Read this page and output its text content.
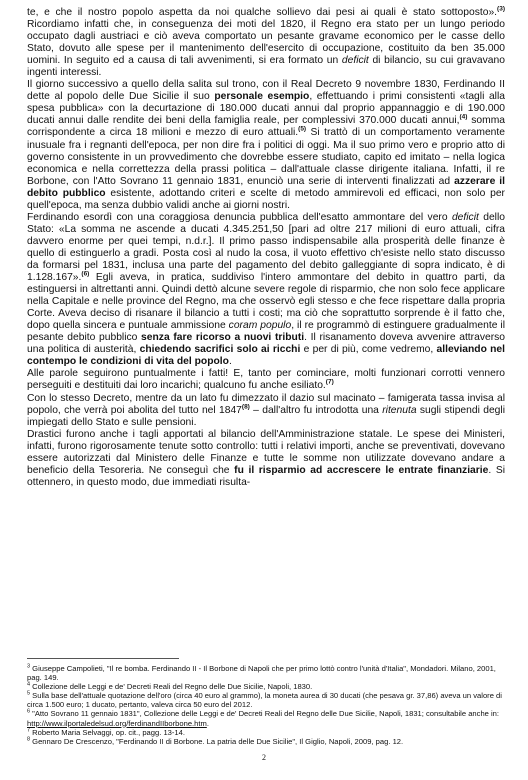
te, e che il nostro popolo aspetta da noi qualche sollievo dai pesi ai quali è stato sottoposto».$^{(3)}$ Ricordiamo infatti che, in conseguenza dei moti del 1820, il Regno era stato per un lungo periodo occupato dagli austriaci e ciò aveva comportato un pesante gravame economico per le casse dello Stato, dovuto alle spese per il mantenimento dell'esercito di occupazione, costituito da ben 35.000 uomini. In seguito ed a causa di tali avvenimenti, si era formato un deficit di bilancio, su cui gravavano ingenti interessi.

Il giorno successivo a quello della salita sul trono, con il Real Decreto 9 novembre 1830, Ferdinando II dette al popolo delle Due Sicilie il suo personale esempio, effettuando i primi consistenti «tagli alla spesa pubblica» con la decurtazione di 180.000 ducati annui dal proprio appannaggio e di 190.000 ducati annui dalle rendite dei beni della famiglia reale, per complessivi 370.000 ducati annui,$^{(4)}$ somma corrispondente a circa 18 milioni e mezzo di euro attuali.$^{(5)}$ Si trattò di un comportamento veramente inusuale fra i regnanti dell'epoca, per non dire fra i politici di oggi. Ma il suo primo vero e proprio atto di governo consistente in un provvedimento che dovrebbe essere studiato, capito ed imitato – nella logica economica e nella correttezza della prassi politica – dall'attuale classe dirigente italiana. Infatti, il re Borbone, con l'Atto Sovrano 11 gennaio 1831, enunciò una serie di interventi finalizzati ad azzerare il debito pubblico esistente, adottando criteri e scelte di metodo ammirevoli ed efficaci, non solo per quell'epoca, ma senza dubbio validi anche ai giorni nostri.

Ferdinando esordì con una coraggiosa denuncia pubblica dell'esatto ammontare del vero deficit dello Stato: «La somma ne ascende a ducati 4.345.251,50 [pari ad oltre 217 milioni di euro attuali, cifra davvero enorme per quei tempi, n.d.r.]. Il primo passo indispensabile alla prosperità delle finanze è quello di estinguerlo a gradi. Posta così al nudo la cosa, il vuoto effettivo ch'esiste nello stato discusso da formarsi pel 1831, inclusa una parte del pagamento del debito galleggiante di sopra indicato, è di 1.128.167».$^{(6)}$ Egli aveva, in pratica, suddiviso l'intero ammontare del debito in quattro parti, da estinguersi in altrettanti anni. Quindi dettò alcune severe regole di risparmio, che non solo fece applicare nella Capitale e nelle province del Regno, ma che osservò egli stesso e che fece rispettare dalla propria Corte. Aveva deciso di risanare il bilancio a tutti i costi; ma ciò che soprattutto sorprende è il fatto che, dopo quella sincera e puntuale ammissione coram populo, il re programmò di estinguere gradualmente il pesante debito pubblico senza fare ricorso a nuovi tributi. Il risanamento doveva avvenire attraverso una politica di austerità, chiedendo sacrifici solo ai ricchi e per di più, come vedremo, alleviando nel contempo le condizioni di vita del popolo.

Alle parole seguirono puntualmente i fatti! E, tanto per cominciare, molti funzionari corrotti vennero perseguiti e destituiti dai loro incarichi; qualcuno fu anche esiliato.$^{(7)}$

Con lo stesso Decreto, mentre da un lato fu dimezzato il dazio sul macinato – famigerata tassa invisa al popolo, che verrà poi abolita del tutto nel 1847$^{(8)}$ – dall'altro fu introdotta una ritenuta sugli stipendi degli impiegati dello Stato e sulle pensioni.

Drastici furono anche i tagli apportati al bilancio dell'Amministrazione statale. Le spese dei Ministeri, infatti, furono rigorosamente tenute sotto controllo: tutti i relativi importi, anche se preventivati, dovevano essere autorizzati dal Ministero delle Finanze e tutte le somme non utilizzate dovevano andare a beneficio della Tesoreria. Ne conseguì che fu il risparmio ad accrescere le entrate finanziarie. Si ottennero, in questo modo, due immediati risulta-

$^3$ Giuseppe Campolieti, "Il re bomba. Ferdinando II - Il Borbone di Napoli che per primo lottò contro l'unità d'Italia", Mondadori. Milano, 2001, pag. 149.

$^4$ Collezione delle Leggi e de' Decreti Reali del Regno delle Due Sicilie, Napoli, 1830.

$^5$ Sulla base dell'attuale quotazione dell'oro (circa 40 euro al grammo), la moneta aurea di 30 ducati (che pesava gr. 37,86) aveva un valore di circa 1.500 euro; 1 ducato, pertanto, valeva circa 50 euro del 2012.

$^6$ "Atto Sovrano 11 gennaio 1831", Collezione delle Leggi e de' Decreti Reali del Regno delle Due Sicilie, Napoli, 1831; consultabile anche in: http://www.ilportaledelsud.org/ferdinandIIborbone.htm.

$^7$ Roberto Maria Selvaggi, op. cit., pagg. 13-14.

$^8$ Gennaro De Crescenzo, "Ferdinando II di Borbone. La patria delle Due Sicilie", Il Giglio, Napoli, 2009, pag. 12.

2
